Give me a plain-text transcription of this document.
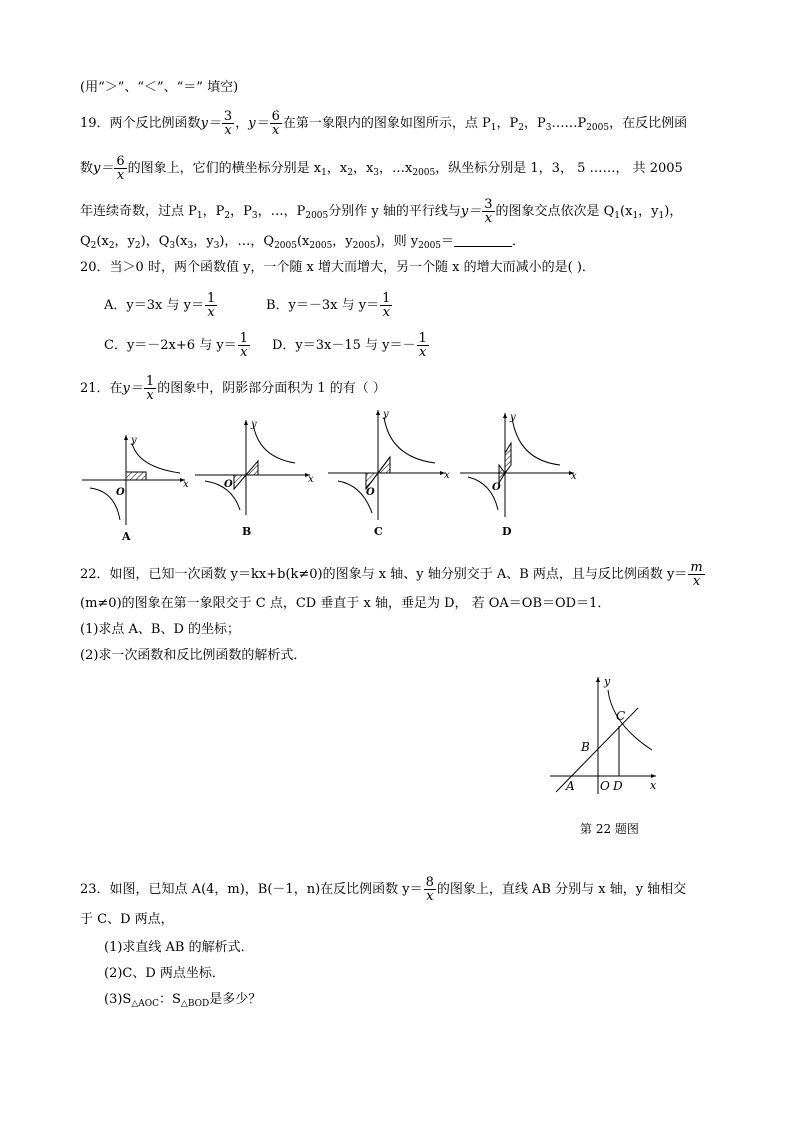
(用“＞”、“＜”、“＝” 填空)
19．两个反比例函数$y= \frac{3}{x}$ ，$y= \frac{6}{x}$ 在第一象限内的图象如图所示，点 $P_1$，$P_2$，$P_3\dots\dots P_{2005}$，在反比例函
数$y= \frac{6}{x}$ 的图象上，它们的横坐标分别是 $x_1$，$x_2$，$x_3$，$\dots x_{2005}$，纵坐标分别是 1，3， 5 ……， 共 2005
年连续奇数，过点 $P_1$，$P_2$，$P_3$，…，$P_{2005}$分别作 y 轴的平行线与$y= \frac{3}{x}$ 的图象交点依次是 $Q_1(x_1$，$y_1$)，
$Q_2(x_2$，$y_2$)，$Q_3(x_3$，$y_3$)，…，$Q_{2005}(x_{2005}$，$y_{2005}$)，则 $y_{2005}=$	．
20．当＞0 时，两个函数值 y，一个随 x 增大而增大，另一个随 x 的增大而减小的是( )．
A．y＝3x 与 $y= \frac{1}{x}$	B．y＝－3x 与 $y= \frac{1}{x}$
C．y＝－2x+6 与 $y= \frac{1}{x}$ D．y＝3x－15 与 $y=- \frac{1}{x}$
21．在$y= \frac{1}{x}$ 的图象中，阴影部分面积为 1 的有（ ）
y
x
O
A
y
x
O
B
y
x
O
C
y
x
O
D
22．如图，已知一次函数 y＝kx+b(k≠0)的图象与 x 轴、y 轴分别交于 A、B 两点，且与反比例函数 $y= \frac{m}{x}$
(m≠0)的图象在第一象限交于 C 点，CD 垂直于 x 轴，垂足为 D， 若 OA＝OB＝OD＝1．
(1)求点 A、B、D 的坐标；
(2)求一次函数和反比例函数的解析式．
y
x
C
B
A O D
第 22 题图
23．如图，已知点 A(4，m)，B(－1，n)在反比例函数 $y= \frac{8}{x}$ 的图象上，直线 AB 分别与 x 轴，y 轴相交
于 C、D 两点，
(1)求直线 AB 的解析式．
(2)C、D 两点坐标．
$(3)S_{\triangle AOC}$：$S_{\triangle BOD}$是多少？
